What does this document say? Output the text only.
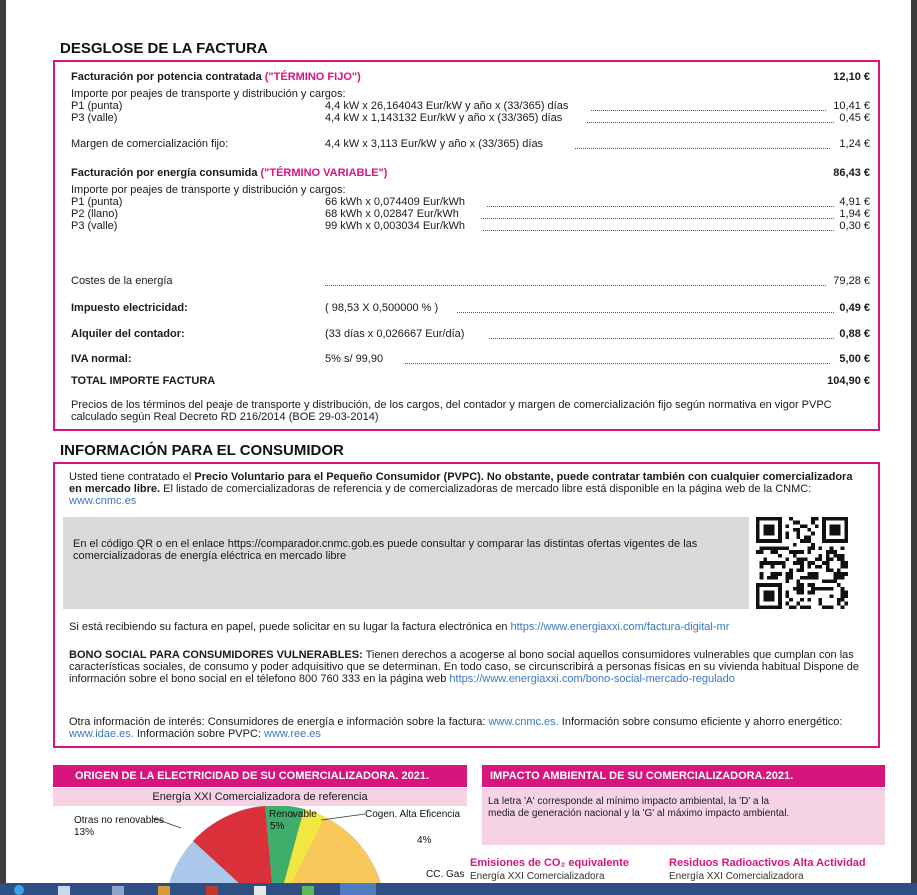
DESGLOSE DE LA FACTURA
Facturación por potencia contratada ("TÉRMINO FIJO")	12,10 €
Importe por peajes de transporte y distribución y cargos:
P1 (punta)	4,4 kW x 26,164043 Eur/kW y año x (33/365) días	10,41 €
P3 (valle)	4,4 kW x 1,143132 Eur/kW y año x (33/365) días	0,45 €
Margen de comercialización fijo:	4,4 kW x 3,113 Eur/kW y año x (33/365) días	1,24 €
Facturación por energía consumida ("TÉRMINO VARIABLE")	86,43 €
Importe por peajes de transporte y distribución y cargos:
P1 (punta)	66 kWh x 0,074409 Eur/kWh	4,91 €
P2 (llano)	68 kWh x 0,02847 Eur/kWh	1,94 €
P3 (valle)	99 kWh x 0,003034 Eur/kWh	0,30 €
Costes de la energía	79,28 €
Impuesto electricidad:	( 98,53 X 0,500000 % )	0,49 €
Alquiler del contador:	(33 días x 0,026667 Eur/día)	0,88 €
IVA normal:	5% s/ 99,90	5,00 €
TOTAL IMPORTE FACTURA	104,90 €
Precios de los términos del peaje de transporte y distribución, de los cargos, del contador y margen de comercialización fijo según normativa en vigor PVPC calculado según Real Decreto RD 216/2014 (BOE 29-03-2014)
INFORMACIÓN PARA EL CONSUMIDOR
Usted tiene contratado el Precio Voluntario para el Pequeño Consumidor (PVPC). No obstante, puede contratar también con cualquier comercializadora en mercado libre. El listado de comercializadoras de referencia y de comercializadoras de mercado libre está disponible en la página web de la CNMC: www.cnmc.es
En el código QR o en el enlace https://comparador.cnmc.gob.es puede consultar y comparar las distintas ofertas vigentes de las comercializadoras de energía eléctrica en mercado libre
Si está recibiendo su factura en papel, puede solicitar en su lugar la factura electrónica en https://www.energiaxxi.com/factura-digital-mr
BONO SOCIAL PARA CONSUMIDORES VULNERABLES: Tienen derechos a acogerse al bono social aquellos consumidores vulnerables que cumplan con las características sociales, de consumo y poder adquisitivo que se determinan. En todo caso, se circunscribirá a personas físicas en su vivienda habitual Dispone de información sobre el bono social en el télefono 800 760 333 en la página web https://www.energiaxxi.com/bono-social-mercado-regulado
Otra información de interés: Consumidores de energía e información sobre la factura: www.cnmc.es. Información sobre consumo eficiente y ahorro energético: www.idae.es. Información sobre PVPC: www.ree.es
ORIGEN DE LA ELECTRICIDAD DE SU COMERCIALIZADORA. 2021.
Energía XXI Comercializadora de referencia
Otras no renovables
13%
Renovable
5%
Cogen. Alta Eficencia
4%
CC. Gas
IMPACTO AMBIENTAL DE SU COMERCIALIZADORA.2021.
La letra 'A' corresponde al mínimo impacto ambiental, la 'D' a la media de generación nacional y la 'G' al máximo impacto ambiental.
Emisiones de CO₂ equivalente
Energía XXI Comercializadora
Residuos Radioactivos Alta Actividad
Energía XXI Comercializadora
